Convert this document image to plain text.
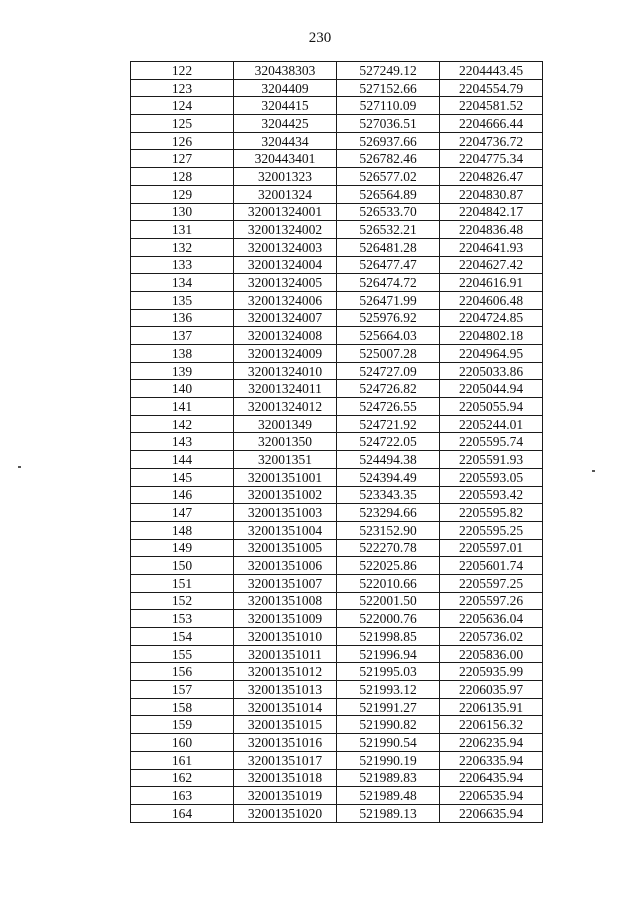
230
122	320438303	527249.12	2204443.45
123	3204409	527152.66	2204554.79
124	3204415	527110.09	2204581.52
125	3204425	527036.51	2204666.44
126	3204434	526937.66	2204736.72
127	320443401	526782.46	2204775.34
128	32001323	526577.02	2204826.47
129	32001324	526564.89	2204830.87
130	32001324001	526533.70	2204842.17
131	32001324002	526532.21	2204836.48
132	32001324003	526481.28	2204641.93
133	32001324004	526477.47	2204627.42
134	32001324005	526474.72	2204616.91
135	32001324006	526471.99	2204606.48
136	32001324007	525976.92	2204724.85
137	32001324008	525664.03	2204802.18
138	32001324009	525007.28	2204964.95
139	32001324010	524727.09	2205033.86
140	32001324011	524726.82	2205044.94
141	32001324012	524726.55	2205055.94
142	32001349	524721.92	2205244.01
143	32001350	524722.05	2205595.74
144	32001351	524494.38	2205591.93
145	32001351001	524394.49	2205593.05
146	32001351002	523343.35	2205593.42
147	32001351003	523294.66	2205595.82
148	32001351004	523152.90	2205595.25
149	32001351005	522270.78	2205597.01
150	32001351006	522025.86	2205601.74
151	32001351007	522010.66	2205597.25
152	32001351008	522001.50	2205597.26
153	32001351009	522000.76	2205636.04
154	32001351010	521998.85	2205736.02
155	32001351011	521996.94	2205836.00
156	32001351012	521995.03	2205935.99
157	32001351013	521993.12	2206035.97
158	32001351014	521991.27	2206135.91
159	32001351015	521990.82	2206156.32
160	32001351016	521990.54	2206235.94
161	32001351017	521990.19	2206335.94
162	32001351018	521989.83	2206435.94
163	32001351019	521989.48	2206535.94
164	32001351020	521989.13	2206635.94
